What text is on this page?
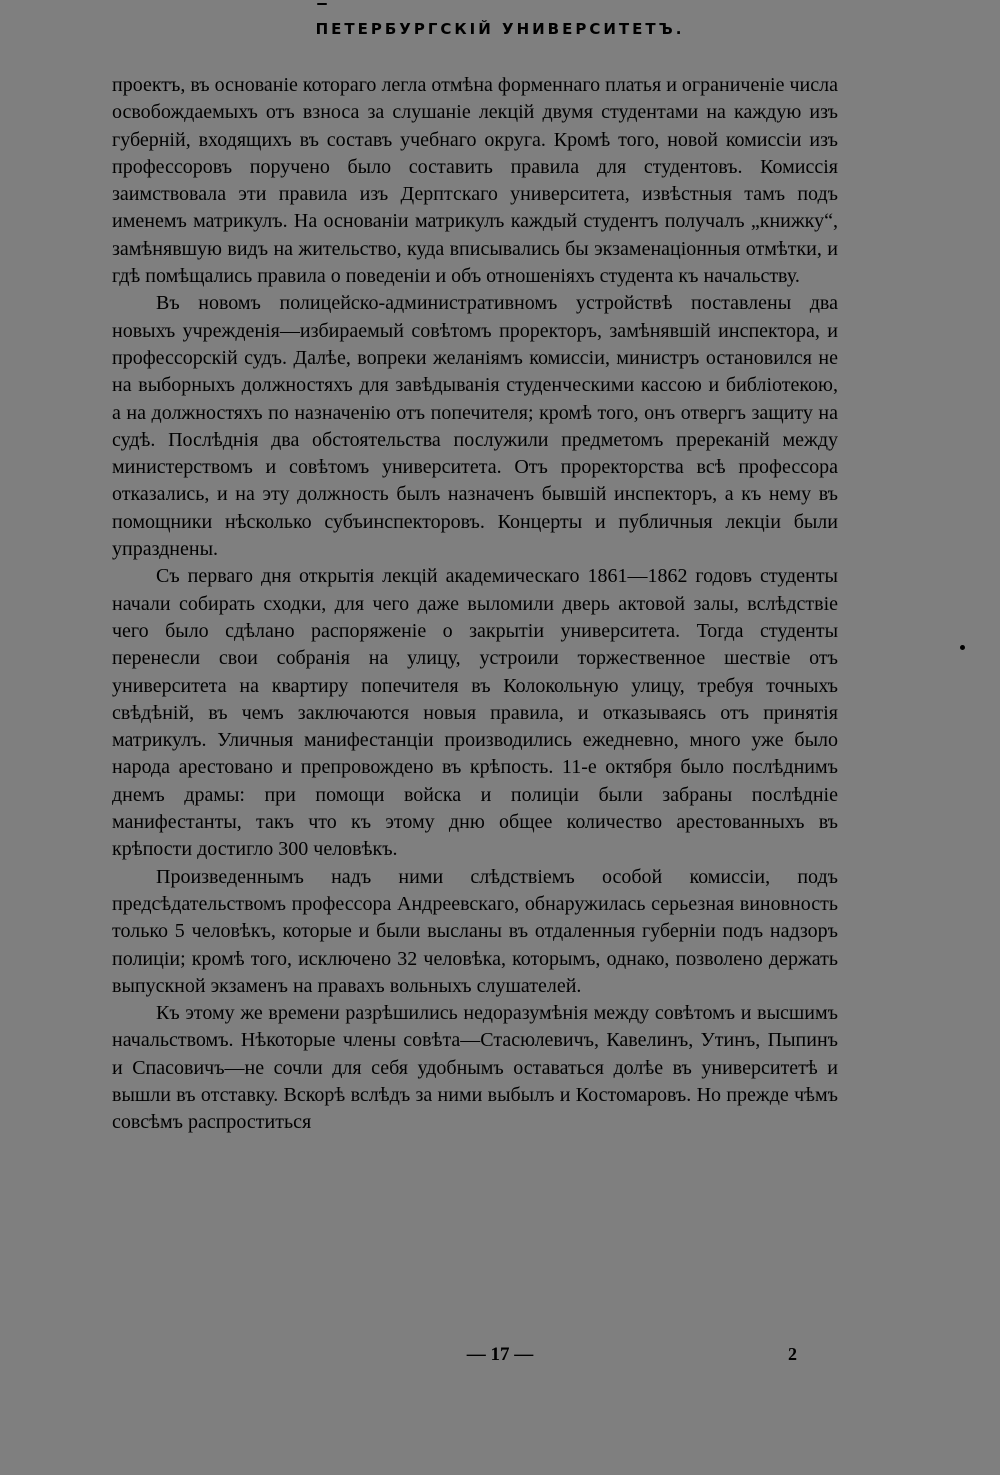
ПЕТЕРБУРГСКІЙ УНИВЕРСИТЕТЪ.

проектъ, въ основаніе котораго легла отмѣна форменнаго платья и ограниченіе числа освобождаемыхъ отъ взноса за слушаніе лекцій двумя студентами на каждую изъ губерній, входящихъ въ составъ учебнаго округа. Кромѣ того, новой комиссіи изъ профессоровъ поручено было составить правила для студентовъ. Комиссія заимствовала эти правила изъ Дерптскаго университета, извѣстныя тамъ подъ именемъ матрикулъ. На основаніи матрикулъ каждый студентъ получалъ „книжку“, замѣнявшую видъ на жительство, куда вписывались бы экзаменаціонныя отмѣтки, и гдѣ помѣщались правила о поведеніи и объ отношеніяхъ студента къ начальству.

Въ новомъ полицейско-административномъ устройствѣ поставлены два новыхъ учрежденія—избираемый совѣтомъ проректоръ, замѣнявшій инспектора, и профессорскій судъ. Далѣе, вопреки желаніямъ комиссіи, министръ остановился не на выборныхъ должностяхъ для завѣдыванія студенческими кассою и библіотекою, а на должностяхъ по назначенію отъ попечителя; кромѣ того, онъ отвергъ защиту на судѣ. Послѣднія два обстоятельства послужили предметомъ пререканій между министерствомъ и совѣтомъ университета. Отъ проректорства всѣ профессора отказались, и на эту должность былъ назначенъ бывшій инспекторъ, а къ нему въ помощники нѣсколько субъинспекторовъ. Концерты и публичныя лекціи были упразднены.

Съ перваго дня открытія лекцій академическаго 1861—1862 годовъ студенты начали собирать сходки, для чего даже выломили дверь актовой залы, вслѣдствіе чего было сдѣлано распоряженіе о закрытіи университета. Тогда студенты перенесли свои собранія на улицу, устроили торжественное шествіе отъ университета на квартиру попечителя въ Колокольную улицу, требуя точныхъ свѣдѣній, въ чемъ заключаются новыя правила, и отказываясь отъ принятія матрикулъ. Уличныя манифестанціи производились ежедневно, много уже было народа арестовано и препровождено въ крѣпость. 11-е октября было послѣднимъ днемъ драмы: при помощи войска и полиціи были забраны послѣдніе манифестанты, такъ что къ этому дню общее количество арестованныхъ въ крѣпости достигло 300 человѣкъ.

Произведеннымъ надъ ними слѣдствіемъ особой комиссіи, подъ предсѣдательствомъ профессора Андреевскаго, обнаружилась серьезная виновность только 5 человѣкъ, которые и были высланы въ отдаленныя губерніи подъ надзоръ полиціи; кромѣ того, исключено 32 человѣка, которымъ, однако, позволено держать выпускной экзаменъ на правахъ вольныхъ слушателей.

Къ этому же времени разрѣшились недоразумѣнія между совѣтомъ и высшимъ начальствомъ. Нѣкоторые члены совѣта—Стасюлевичъ, Кавелинъ, Утинъ, Пыпинъ и Спасовичъ—не сочли для себя удобнымъ оставаться долѣе въ университетѣ и вышли въ отставку. Вскорѣ вслѣдъ за ними выбылъ и Костомаровъ. Но прежде чѣмъ совсѣмъ распроститься

— 17 —	2
